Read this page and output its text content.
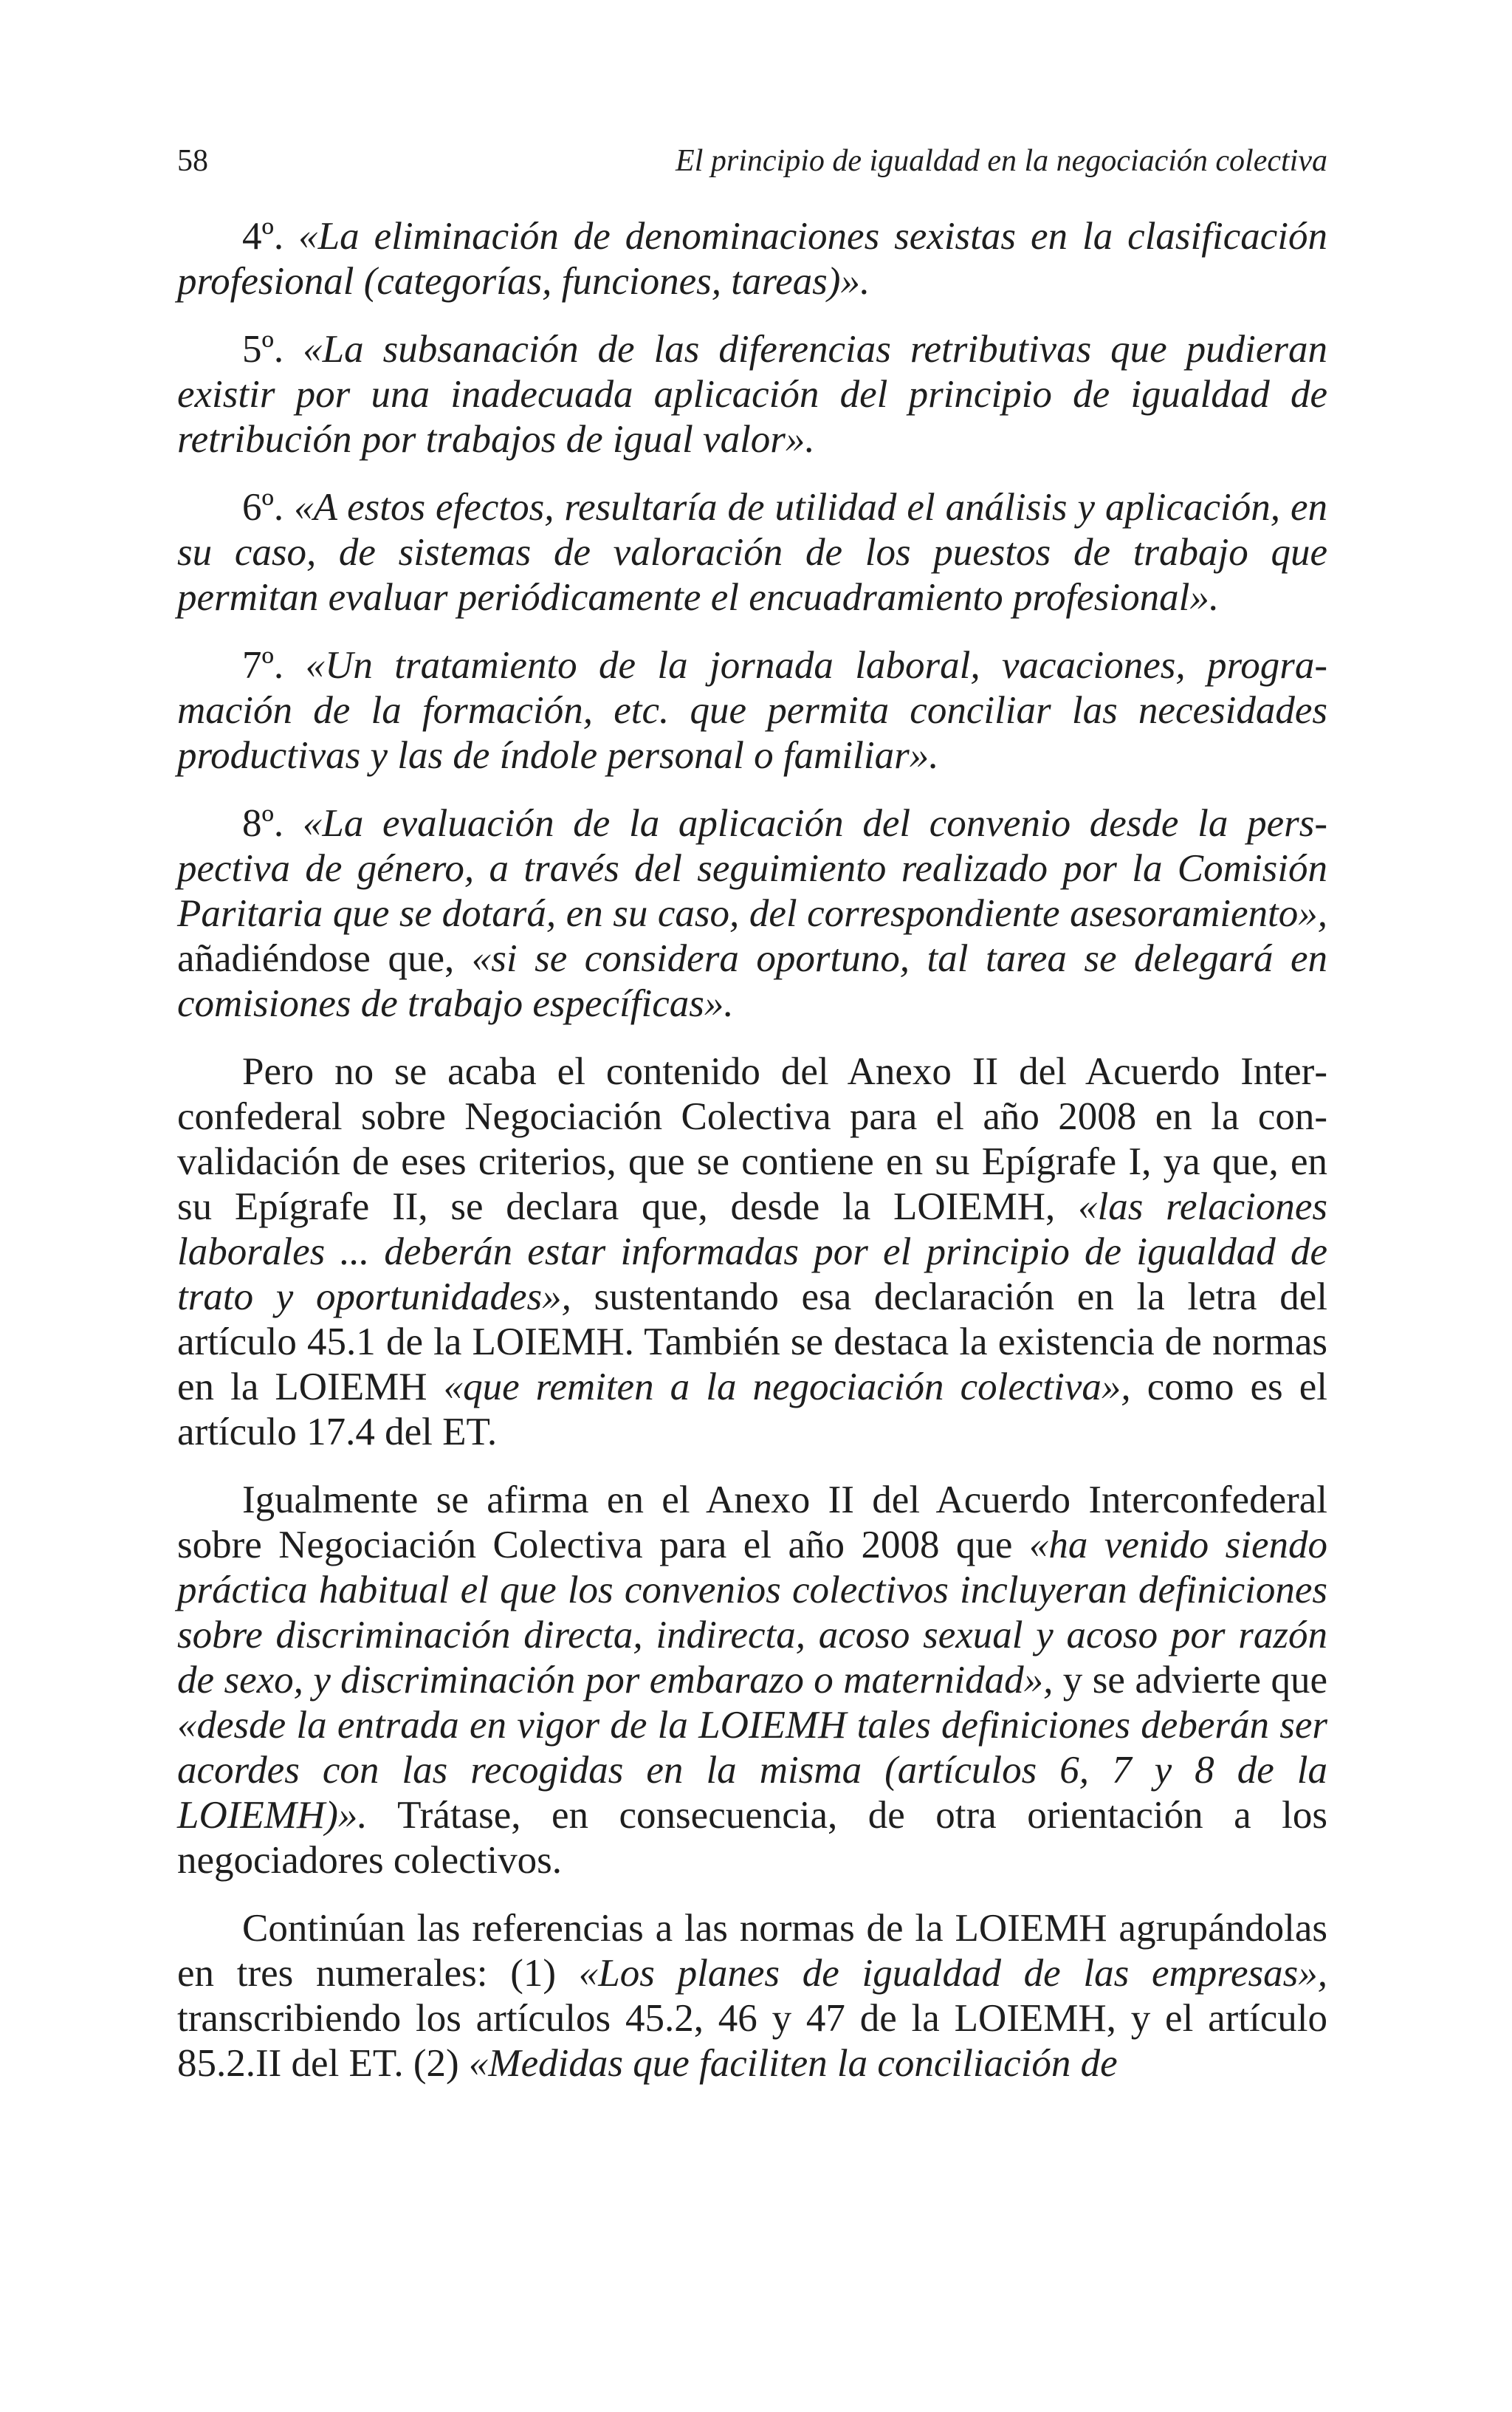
58	El principio de igualdad en la negociación colectiva

4º. «La eliminación de denominaciones sexistas en la clasificación profesional (categorías, funciones, tareas)».

5º. «La subsanación de las diferencias retributivas que pudieran existir por una inadecuada aplicación del principio de igualdad de retribución por trabajos de igual valor».

6º. «A estos efectos, resultaría de utilidad el análisis y aplicación, en su caso, de sistemas de valoración de los puestos de trabajo que permitan evaluar periódicamente el encuadramiento profesional».

7º. «Un tratamiento de la jornada laboral, vacaciones, programación de la formación, etc. que permita conciliar las necesidades productivas y las de índole personal o familiar».

8º. «La evaluación de la aplicación del convenio desde la perspectiva de género, a través del seguimiento realizado por la Comisión Paritaria que se dotará, en su caso, del correspondiente asesoramiento», añadiéndose que, «si se considera oportuno, tal tarea se delegará en comisiones de trabajo específicas».

Pero no se acaba el contenido del Anexo II del Acuerdo Interconfederal sobre Negociación Colectiva para el año 2008 en la convalidación de eses criterios, que se contiene en su Epígrafe I, ya que, en su Epígrafe II, se declara que, desde la LOIEMH, «las relaciones laborales ... deberán estar informadas por el principio de igualdad de trato y oportunidades», sustentando esa declaración en la letra del artículo 45.1 de la LOIEMH. También se destaca la existencia de normas en la LOIEMH «que remiten a la negociación colectiva», como es el artículo 17.4 del ET.

Igualmente se afirma en el Anexo II del Acuerdo Interconfederal sobre Negociación Colectiva para el año 2008 que «ha venido siendo práctica habitual el que los convenios colectivos incluyeran definiciones sobre discriminación directa, indirecta, acoso sexual y acoso por razón de sexo, y discriminación por embarazo o maternidad», y se advierte que «desde la entrada en vigor de la LOIEMH tales definiciones deberán ser acordes con las recogidas en la misma (artículos 6, 7 y 8 de la LOIEMH)». Trátase, en consecuencia, de otra orientación a los negociadores colectivos.

Continúan las referencias a las normas de la LOIEMH agrupándolas en tres numerales: (1) «Los planes de igualdad de las empresas», transcribiendo los artículos 45.2, 46 y 47 de la LOIEMH, y el artículo 85.2.II del ET. (2) «Medidas que faciliten la conciliación de
